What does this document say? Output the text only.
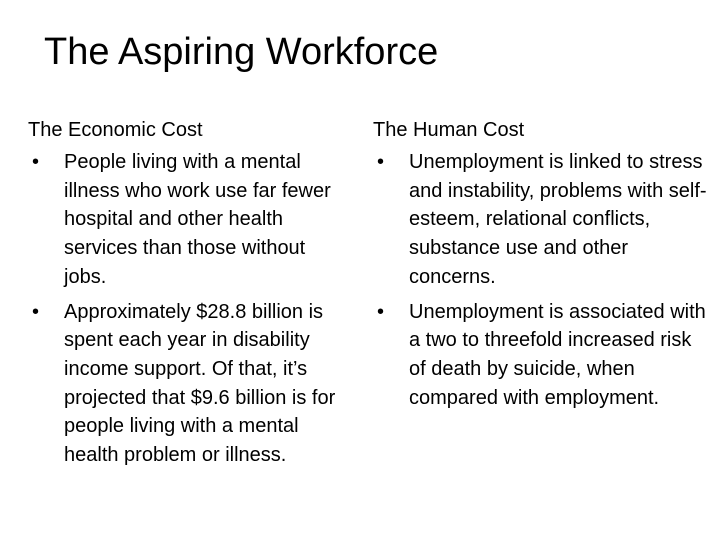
The Aspiring Workforce

The Economic Cost

•	People living with a mental illness who work use far fewer hospital and other health services than those without jobs.
•	Approximately $28.8 billion is spent each year in disability income support. Of that, it’s projected that $9.6 billion is for people living with a mental health problem or illness.

The Human Cost

•	Unemployment is linked to stress and instability, problems with self-esteem, relational conflicts, substance use and other concerns.
•	Unemployment is associated with a two to threefold increased risk of death by suicide, when compared with employment.
